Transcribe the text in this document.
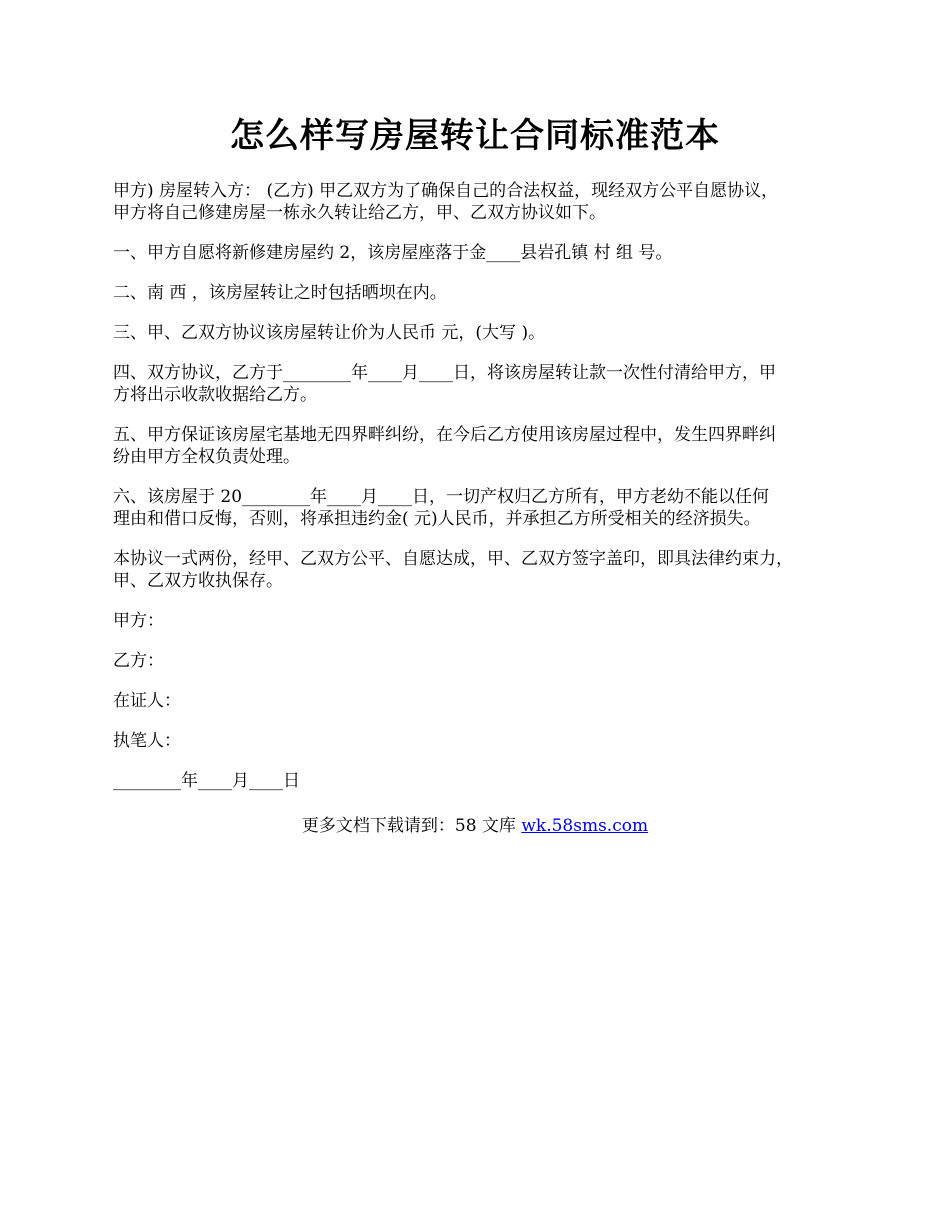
怎么样写房屋转让合同标准范本

甲方) 房屋转入方： (乙方) 甲乙双方为了确保自己的合法权益，现经双方公平自愿协议，
甲方将自己修建房屋一栋永久转让给乙方，甲、乙双方协议如下。

一、甲方自愿将新修建房屋约 2，该房屋座落于金____县岩孔镇 村 组 号。

二、南 西 ，该房屋转让之时包括晒坝在内。

三、甲、乙双方协议该房屋转让价为人民币 元，(大写 )。

四、双方协议，乙方于________年____月____日，将该房屋转让款一次性付清给甲方，甲
方将出示收款收据给乙方。

五、甲方保证该房屋宅基地无四界畔纠纷，在今后乙方使用该房屋过程中，发生四界畔纠
纷由甲方全权负责处理。

六、该房屋于 20________年____月____日，一切产权归乙方所有，甲方老幼不能以任何
理由和借口反悔，否则，将承担违约金( 元)人民币，并承担乙方所受相关的经济损失。

本协议一式两份，经甲、乙双方公平、自愿达成，甲、乙双方签字盖印，即具法律约束力，
甲、乙双方收执保存。

甲方：

乙方：

在证人：

执笔人：

________年____月____日

更多文档下载请到：58 文库 wk.58sms.com
